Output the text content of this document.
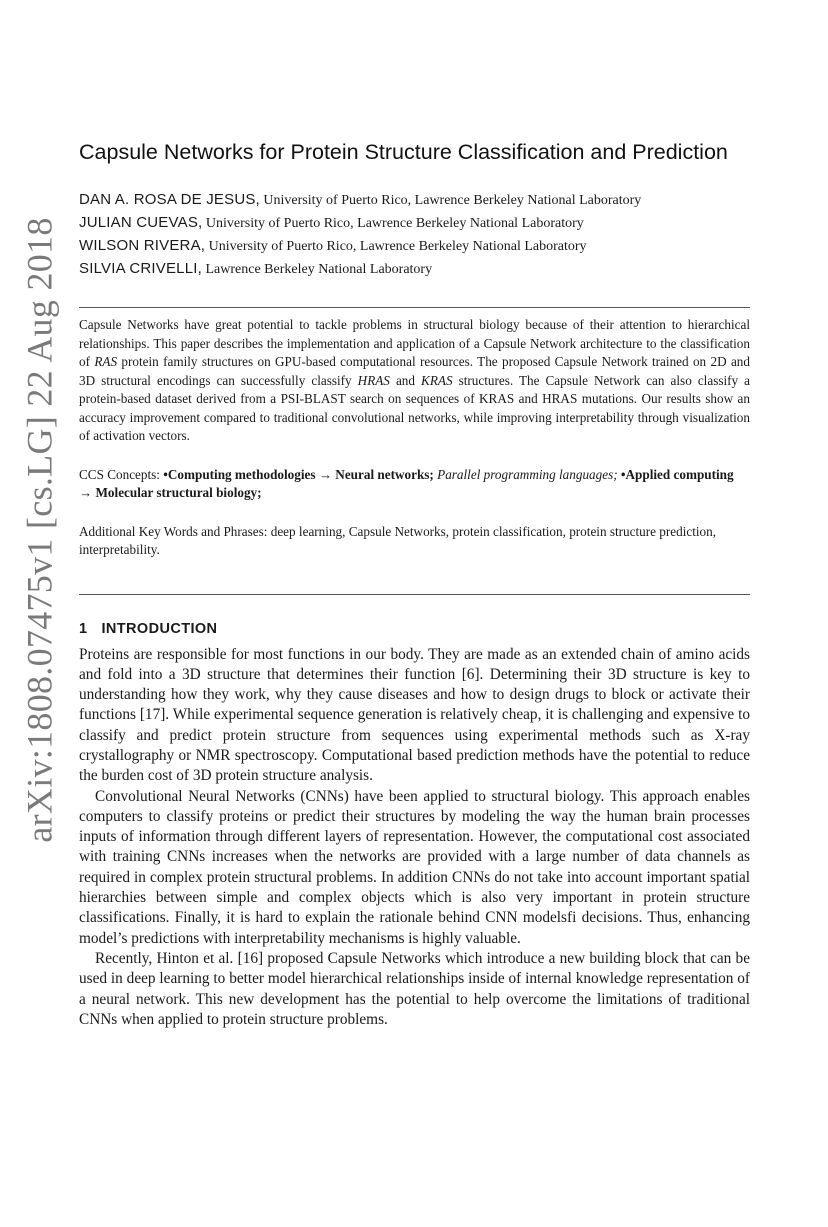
arXiv:1808.07475v1 [cs.LG] 22 Aug 2018
Capsule Networks for Protein Structure Classification and Prediction

DAN A. ROSA DE JESUS, University of Puerto Rico, Lawrence Berkeley National Laboratory

JULIAN CUEVAS, University of Puerto Rico, Lawrence Berkeley National Laboratory

WILSON RIVERA, University of Puerto Rico, Lawrence Berkeley National Laboratory

SILVIA CRIVELLI, Lawrence Berkeley National Laboratory

Capsule Networks have great potential to tackle problems in structural biology because of their attention to hierarchical relationships. This paper describes the implementation and application of a Capsule Network architecture to the classification of RAS protein family structures on GPU-based computational resources. The proposed Capsule Network trained on 2D and 3D structural encodings can successfully classify HRAS and KRAS structures. The Capsule Network can also classify a protein-based dataset derived from a PSI-BLAST search on sequences of KRAS and HRAS mutations. Our results show an accuracy improvement compared to traditional convolutional networks, while improving interpretability through visualization of activation vectors.

CCS Concepts: •Computing methodologies → Neural networks; Parallel programming languages; •Applied computing → Molecular structural biology;

Additional Key Words and Phrases: deep learning, Capsule Networks, protein classification, protein structure prediction, interpretability.

1 INTRODUCTION

Proteins are responsible for most functions in our body. They are made as an extended chain of amino acids and fold into a 3D structure that determines their function [6]. Determining their 3D structure is key to understanding how they work, why they cause diseases and how to design drugs to block or activate their functions [17]. While experimental sequence generation is relatively cheap, it is challenging and expensive to classify and predict protein structure from sequences using experimental methods such as X-ray crystallography or NMR spectroscopy. Computational based prediction methods have the potential to reduce the burden cost of 3D protein structure analysis.

Convolutional Neural Networks (CNNs) have been applied to structural biology. This approach enables computers to classify proteins or predict their structures by modeling the way the human brain processes inputs of information through different layers of representation. However, the computational cost associated with training CNNs increases when the networks are provided with a large number of data channels as required in complex protein structural problems. In addition CNNs do not take into account important spatial hierarchies between simple and complex objects which is also very important in protein structure classifications. Finally, it is hard to explain the rationale behind CNN modelsfi decisions. Thus, enhancing model’s predictions with interpretability mechanisms is highly valuable.

Recently, Hinton et al. [16] proposed Capsule Networks which introduce a new building block that can be used in deep learning to better model hierarchical relationships inside of internal knowledge representation of a neural network. This new development has the potential to help overcome the limitations of traditional CNNs when applied to protein structure problems.
